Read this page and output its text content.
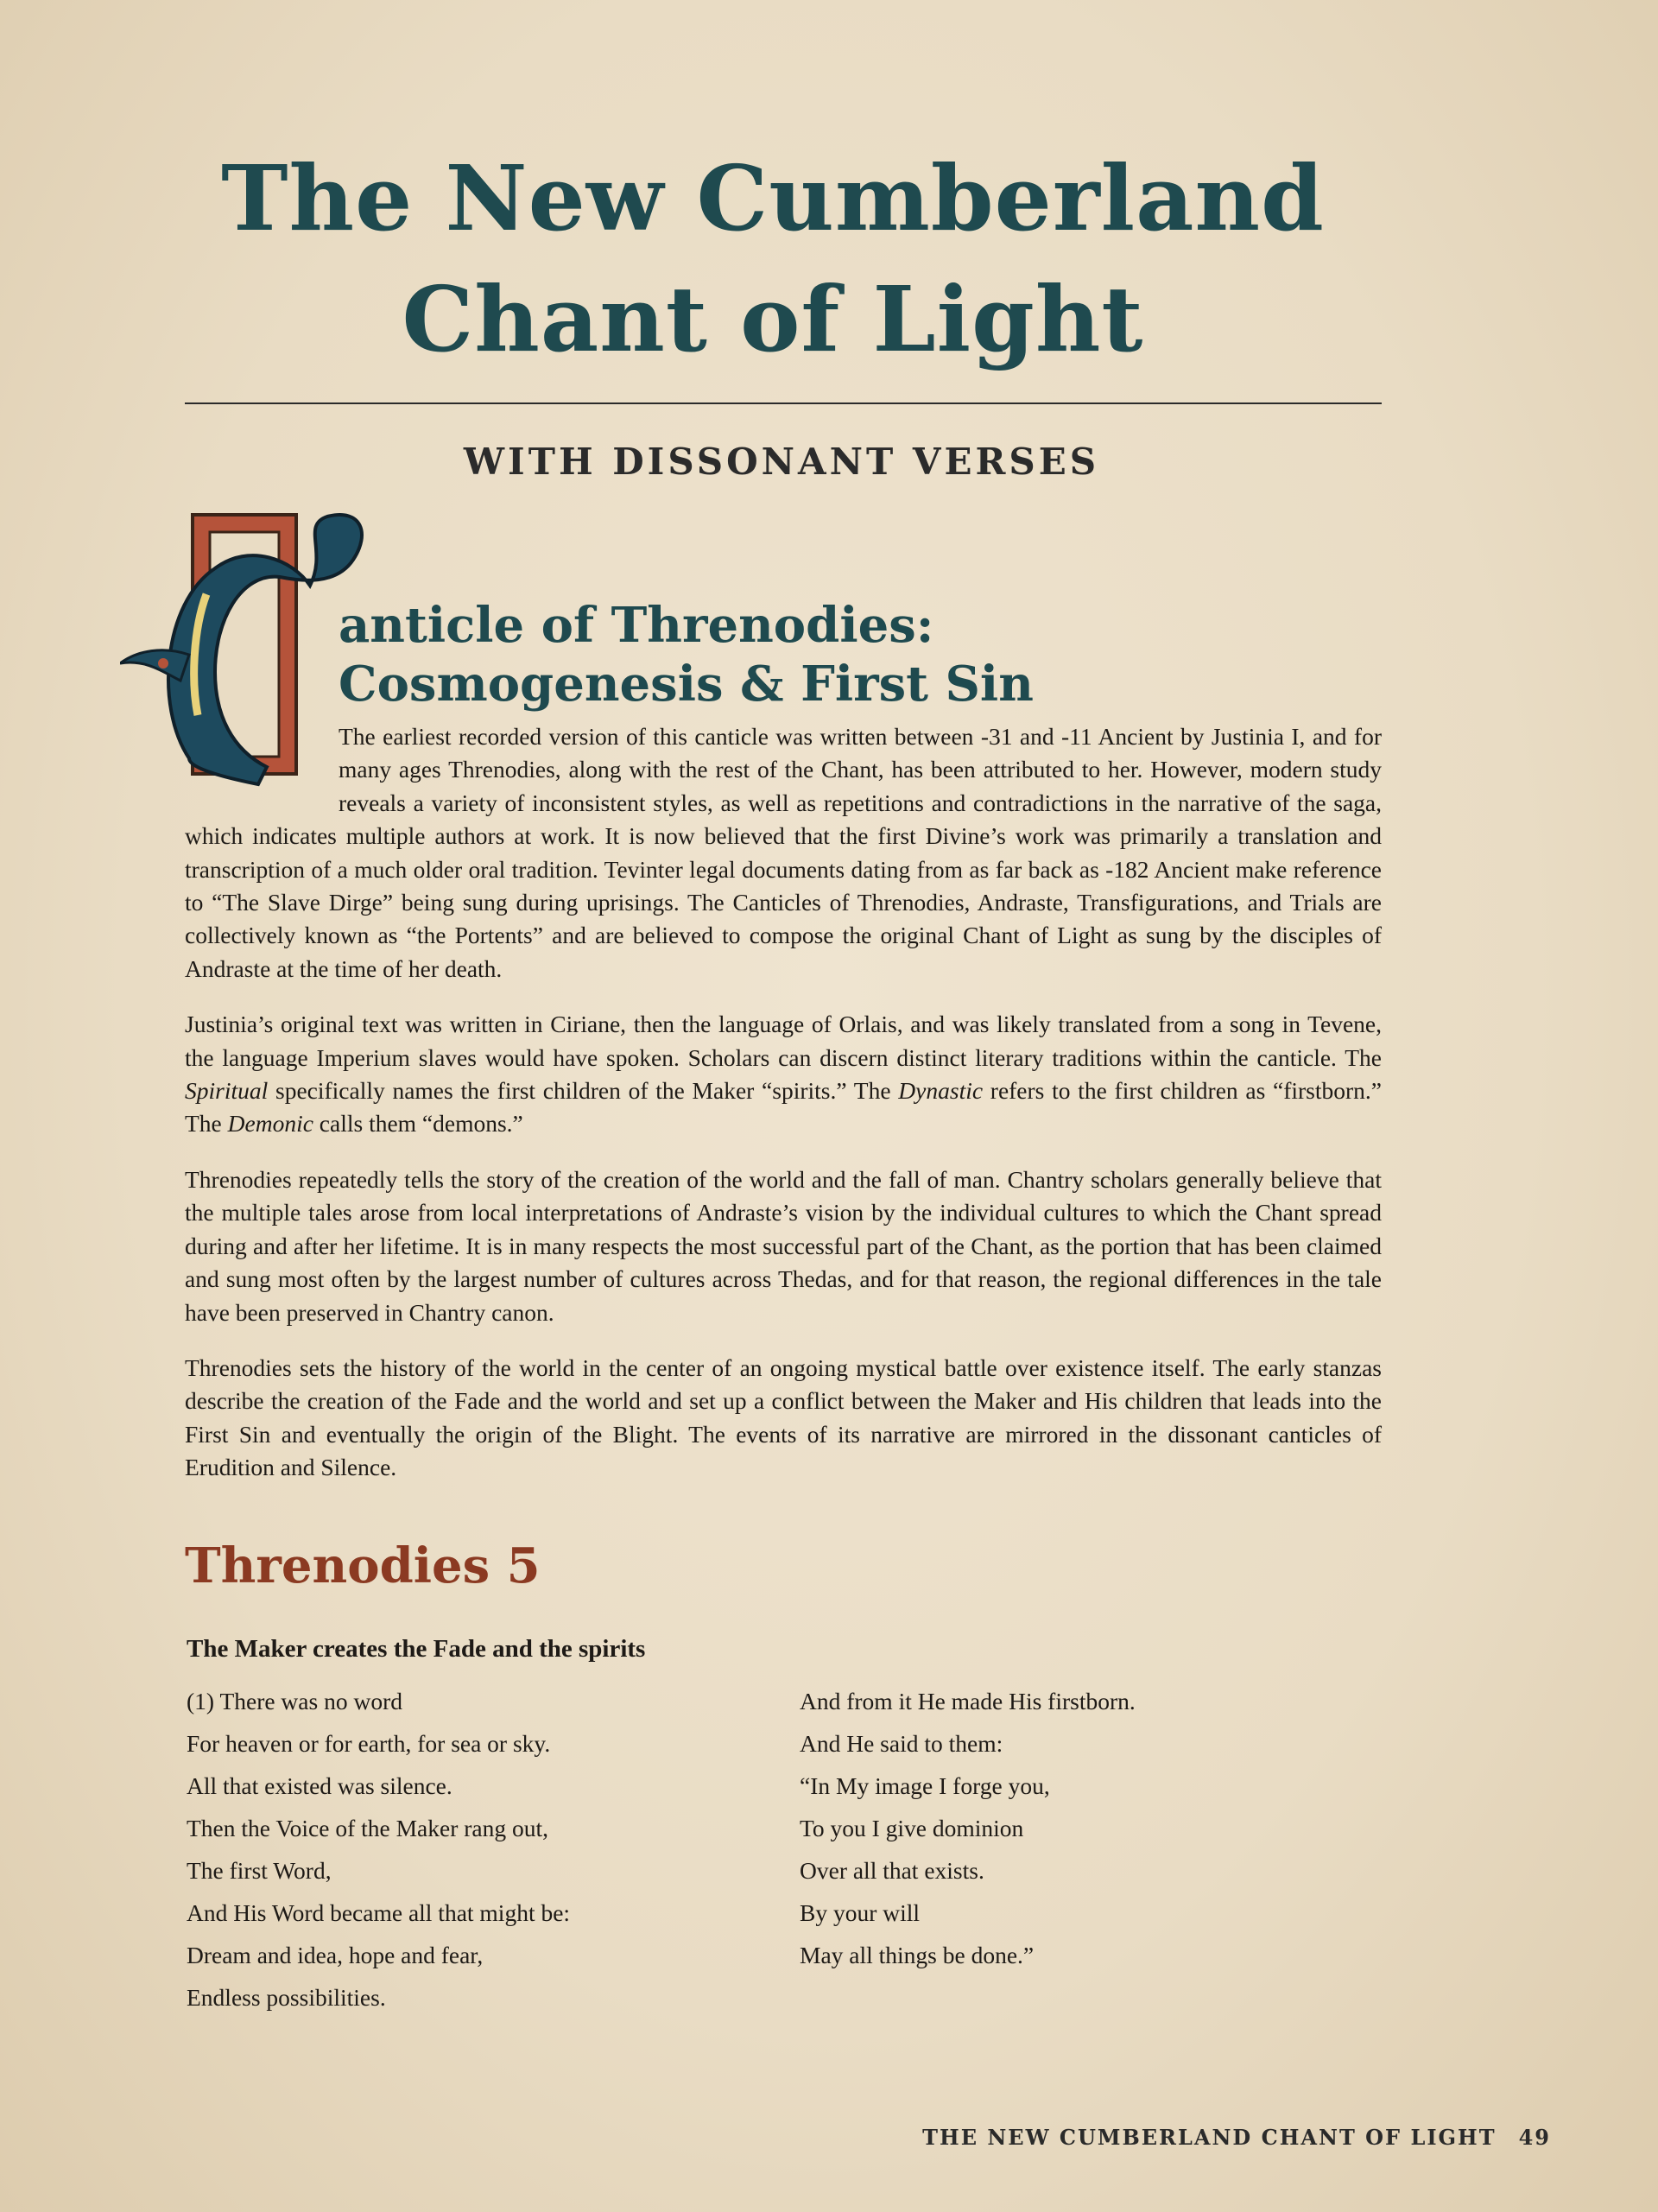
The New Cumberland
Chant of Light
WITH DISSONANT VERSES
anticle of Threnodies:
Cosmogenesis & First Sin

The earliest recorded version of this canticle was written between -31 and -11 Ancient by Justinia I, and for many ages Threnodies, along with the rest of the Chant, has been attributed to her. However, modern study reveals a variety of inconsistent styles, as well as repetitions and contradictions in the narrative of the saga, which indicates multiple authors at work. It is now believed that the first Divine’s work was primarily a translation and transcription of a much older oral tradition. Tevinter legal documents dating from as far back as -182 Ancient make reference to “The Slave Dirge” being sung during uprisings. The Canticles of Threnodies, Andraste, Transfigurations, and Trials are collectively known as “the Portents” and are believed to compose the original Chant of Light as sung by the disciples of Andraste at the time of her death.

Justinia’s original text was written in Ciriane, then the language of Orlais, and was likely translated from a song in Tevene, the language Imperium slaves would have spoken. Scholars can discern distinct literary traditions within the canticle. The Spiritual specifically names the first children of the Maker “spirits.” The Dynastic refers to the first children as “firstborn.” The Demonic calls them “demons.”

Threnodies repeatedly tells the story of the creation of the world and the fall of man. Chantry scholars generally believe that the multiple tales arose from local interpretations of Andraste’s vision by the individual cultures to which the Chant spread during and after her lifetime. It is in many respects the most successful part of the Chant, as the portion that has been claimed and sung most often by the largest number of cultures across Thedas, and for that reason, the regional differences in the tale have been preserved in Chantry canon.

Threnodies sets the history of the world in the center of an ongoing mystical battle over existence itself. The early stanzas describe the creation of the Fade and the world and set up a conflict between the Maker and His children that leads into the First Sin and eventually the origin of the Blight. The events of its narrative are mirrored in the dissonant canticles of Erudition and Silence.

Threnodies 5
The Maker creates the Fade and the spirits
(1) There was no word
For heaven or for earth, for sea or sky.
All that existed was silence.
Then the Voice of the Maker rang out,
The first Word,
And His Word became all that might be:
Dream and idea, hope and fear,
Endless possibilities.
And from it He made His firstborn.
And He said to them:
“In My image I forge you,
To you I give dominion
Over all that exists.
By your will
May all things be done.”
THE NEW CUMBERLAND CHANT OF LIGHT 49
